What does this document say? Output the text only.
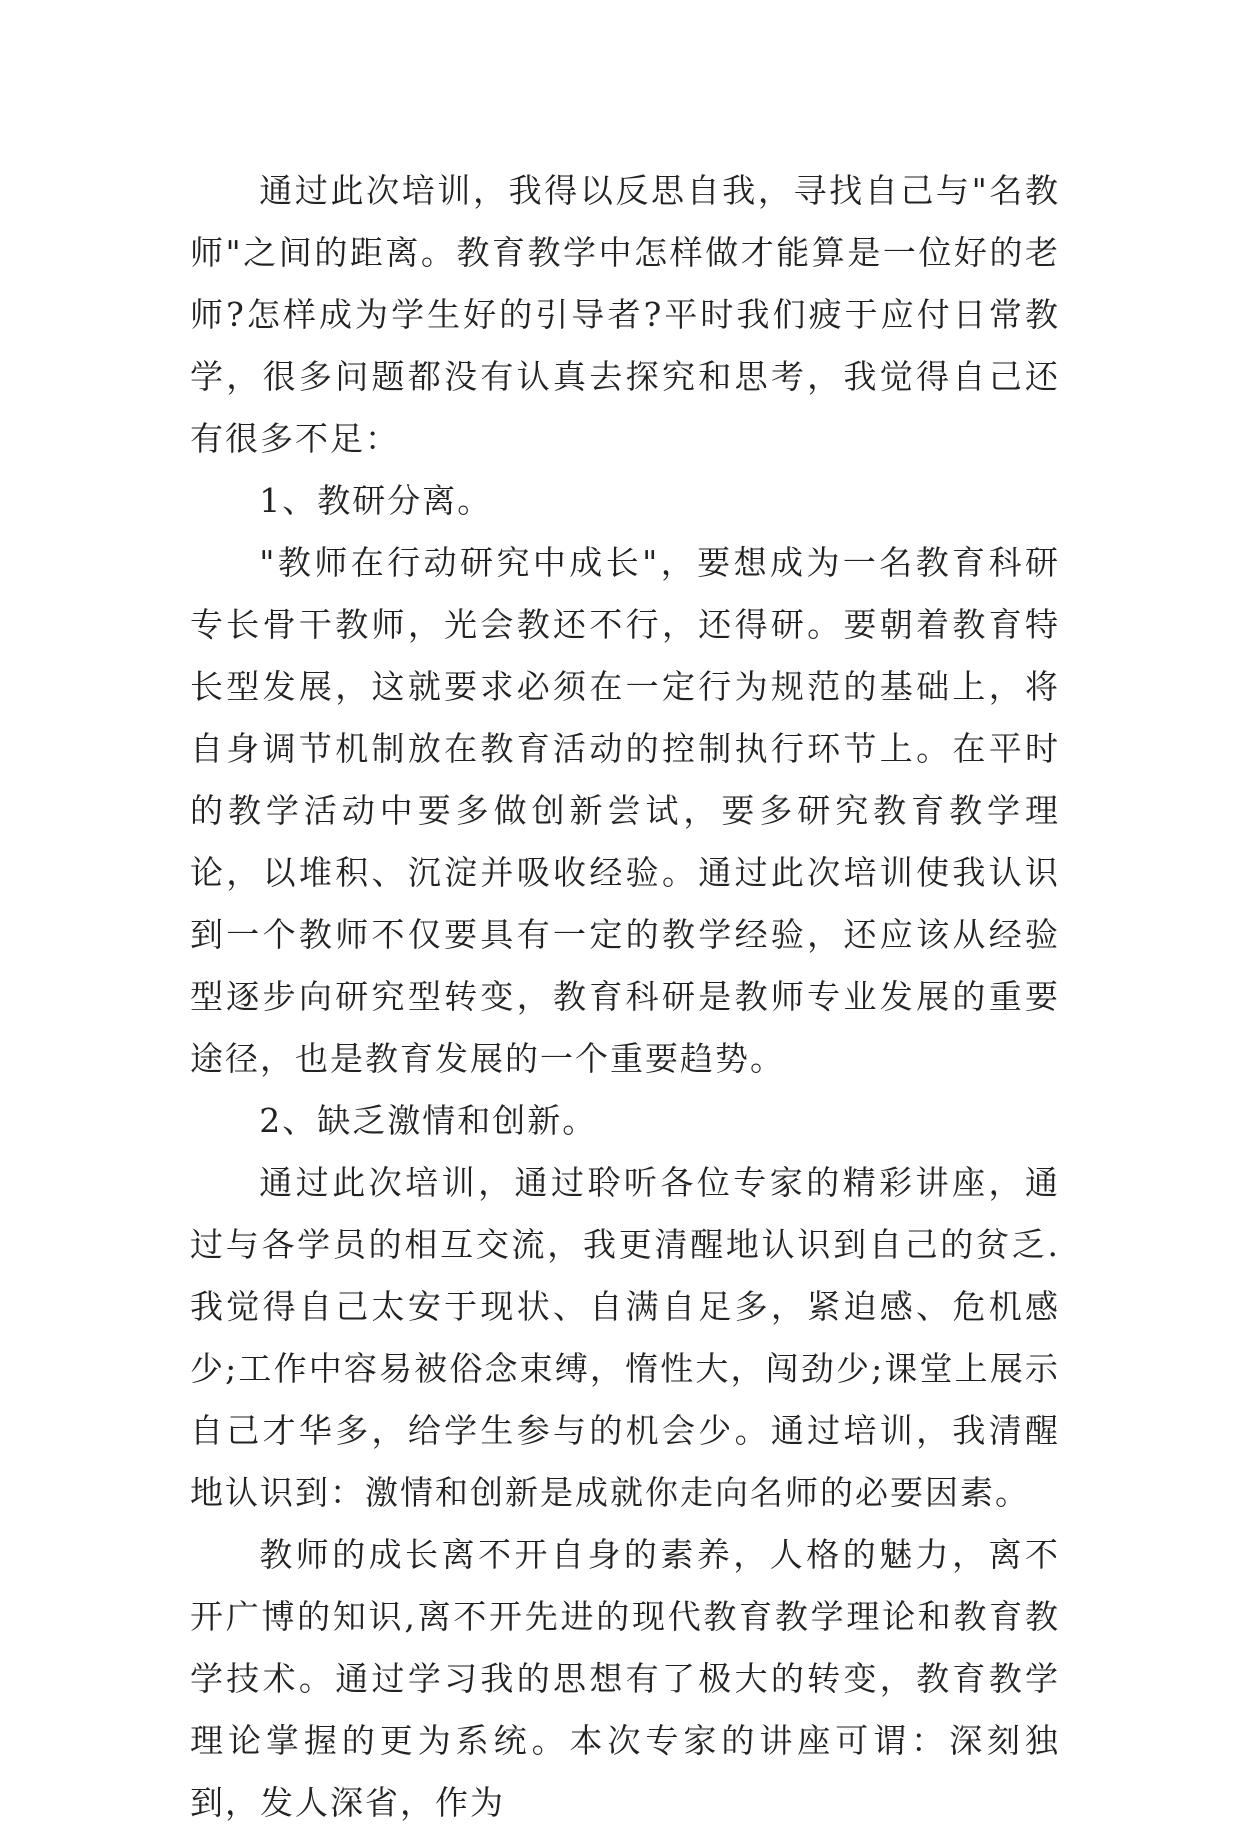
通过此次培训，我得以反思自我，寻找自己与"名教师"之间的距离。教育教学中怎样做才能算是一位好的老师?怎样成为学生好的引导者?平时我们疲于应付日常教学，很多问题都没有认真去探究和思考，我觉得自己还有很多不足：

1、教研分离。

"教师在行动研究中成长"，要想成为一名教育科研专长骨干教师，光会教还不行，还得研。要朝着教育特长型发展，这就要求必须在一定行为规范的基础上，将自身调节机制放在教育活动的控制执行环节上。在平时的教学活动中要多做创新尝试，要多研究教育教学理论，以堆积、沉淀并吸收经验。通过此次培训使我认识到一个教师不仅要具有一定的教学经验，还应该从经验型逐步向研究型转变，教育科研是教师专业发展的重要途径，也是教育发展的一个重要趋势。

2、缺乏激情和创新。

通过此次培训，通过聆听各位专家的精彩讲座，通过与各学员的相互交流，我更清醒地认识到自己的贫乏.我觉得自己太安于现状、自满自足多，紧迫感、危机感少;工作中容易被俗念束缚，惰性大，闯劲少;课堂上展示自己才华多，给学生参与的机会少。通过培训，我清醒地认识到：激情和创新是成就你走向名师的必要因素。

教师的成长离不开自身的素养，人格的魅力，离不开广博的知识,离不开先进的现代教育教学理论和教育教学技术。通过学习我的思想有了极大的转变，教育教学理论掌握的更为系统。本次专家的讲座可谓：深刻独到，发人深省，作为
